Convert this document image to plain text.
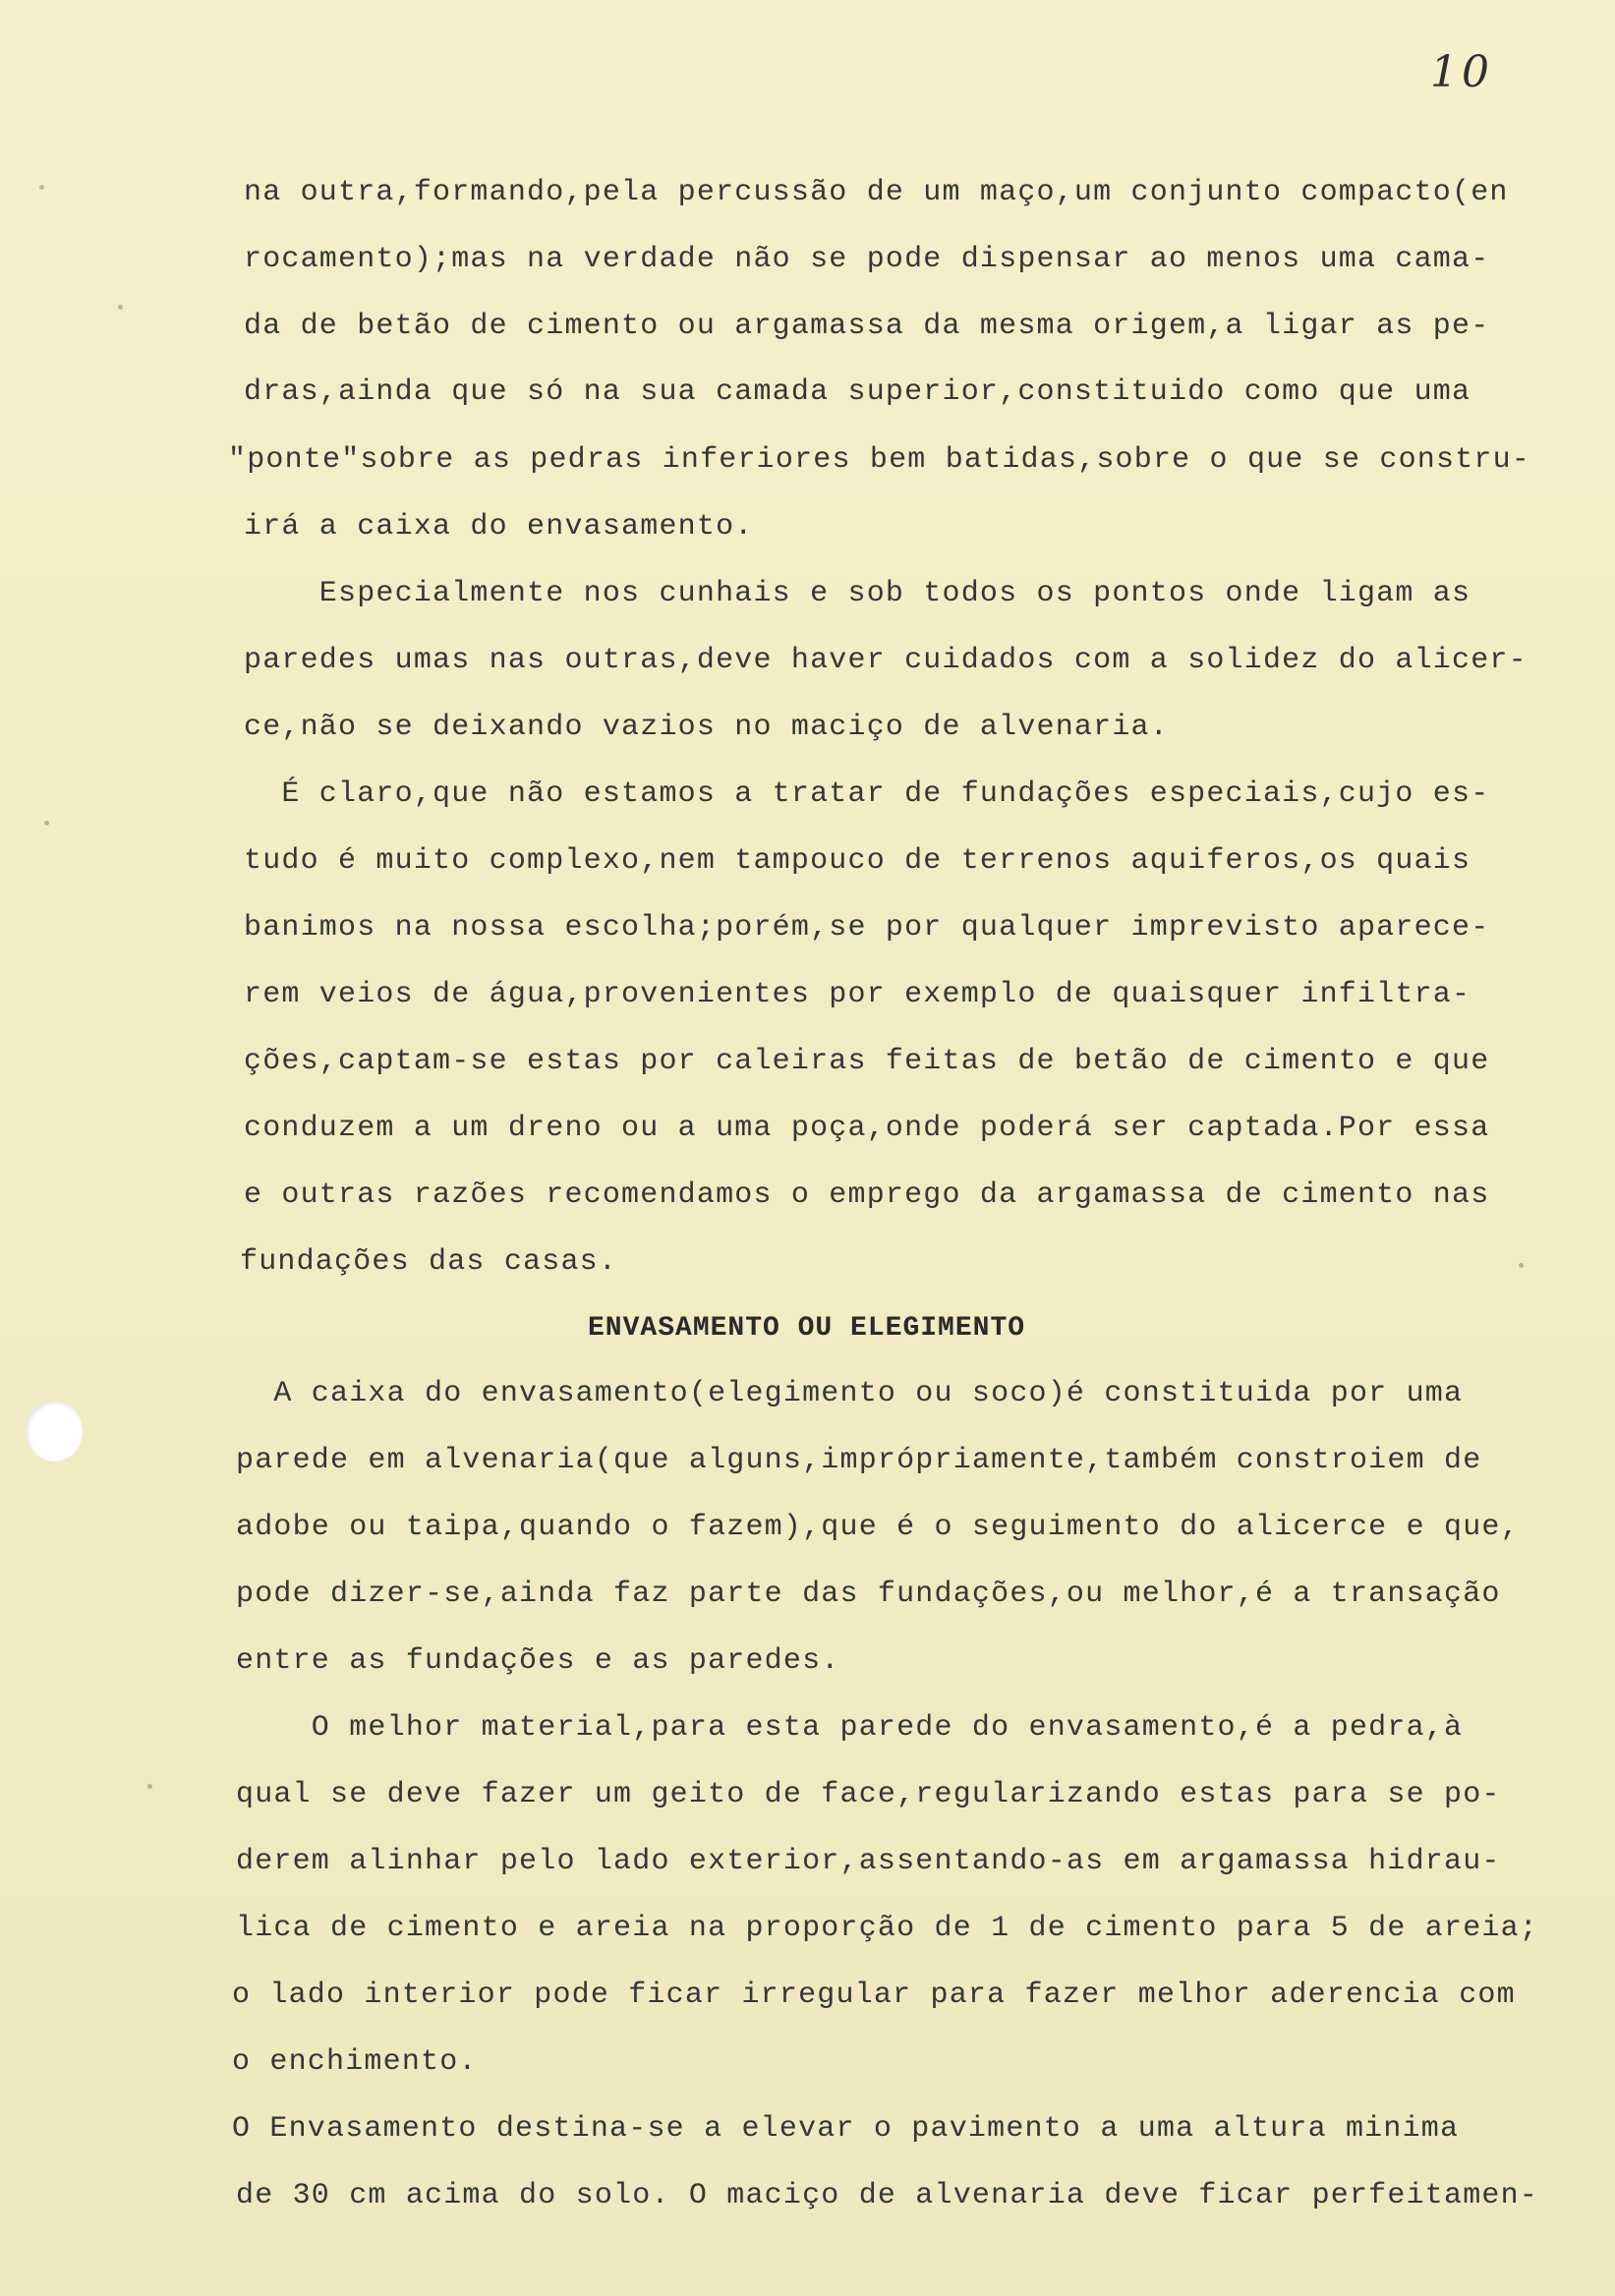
10
na outra,formando,pela percussão de um maço,um conjunto compacto(en
rocamento);mas na verdade não se pode dispensar ao menos uma cama-
da de betão de cimento ou argamassa da mesma origem,a ligar as pe-
dras,ainda que só na sua camada superior,constituido como que uma
"ponte"sobre as pedras inferiores bem batidas,sobre o que se constru-
irá a caixa do envasamento.
Especialmente nos cunhais e sob todos os pontos onde ligam as
paredes umas nas outras,deve haver cuidados com a solidez do alicer-
ce,não se deixando vazios no maciço de alvenaria.
É claro,que não estamos a tratar de fundações especiais,cujo es-
tudo é muito complexo,nem tampouco de terrenos aquiferos,os quais
banimos na nossa escolha;porém,se por qualquer imprevisto aparece-
rem veios de água,provenientes por exemplo de quaisquer infiltra-
ções,captam-se estas por caleiras feitas de betão de cimento e que
conduzem a um dreno ou a uma poça,onde poderá ser captada.Por essa
e outras razões recomendamos o emprego da argamassa de cimento nas
fundações das casas.
ENVASAMENTO OU ELEGIMENTO
A caixa do envasamento(elegimento ou soco)é constituida por uma
parede em alvenaria(que alguns,imprópriamente,também constroiem de
adobe ou taipa,quando o fazem),que é o seguimento do alicerce e que,
pode dizer-se,ainda faz parte das fundações,ou melhor,é a transação
entre as fundações e as paredes.
O melhor material,para esta parede do envasamento,é a pedra,à
qual se deve fazer um geito de face,regularizando estas para se po-
derem alinhar pelo lado exterior,assentando-as em argamassa hidrau-
lica de cimento e areia na proporção de 1 de cimento para 5 de areia;
o lado interior pode ficar irregular para fazer melhor aderencia com
o enchimento.
O Envasamento destina-se a elevar o pavimento a uma altura minima
de 30 cm acima do solo. O maciço de alvenaria deve ficar perfeitamen-
